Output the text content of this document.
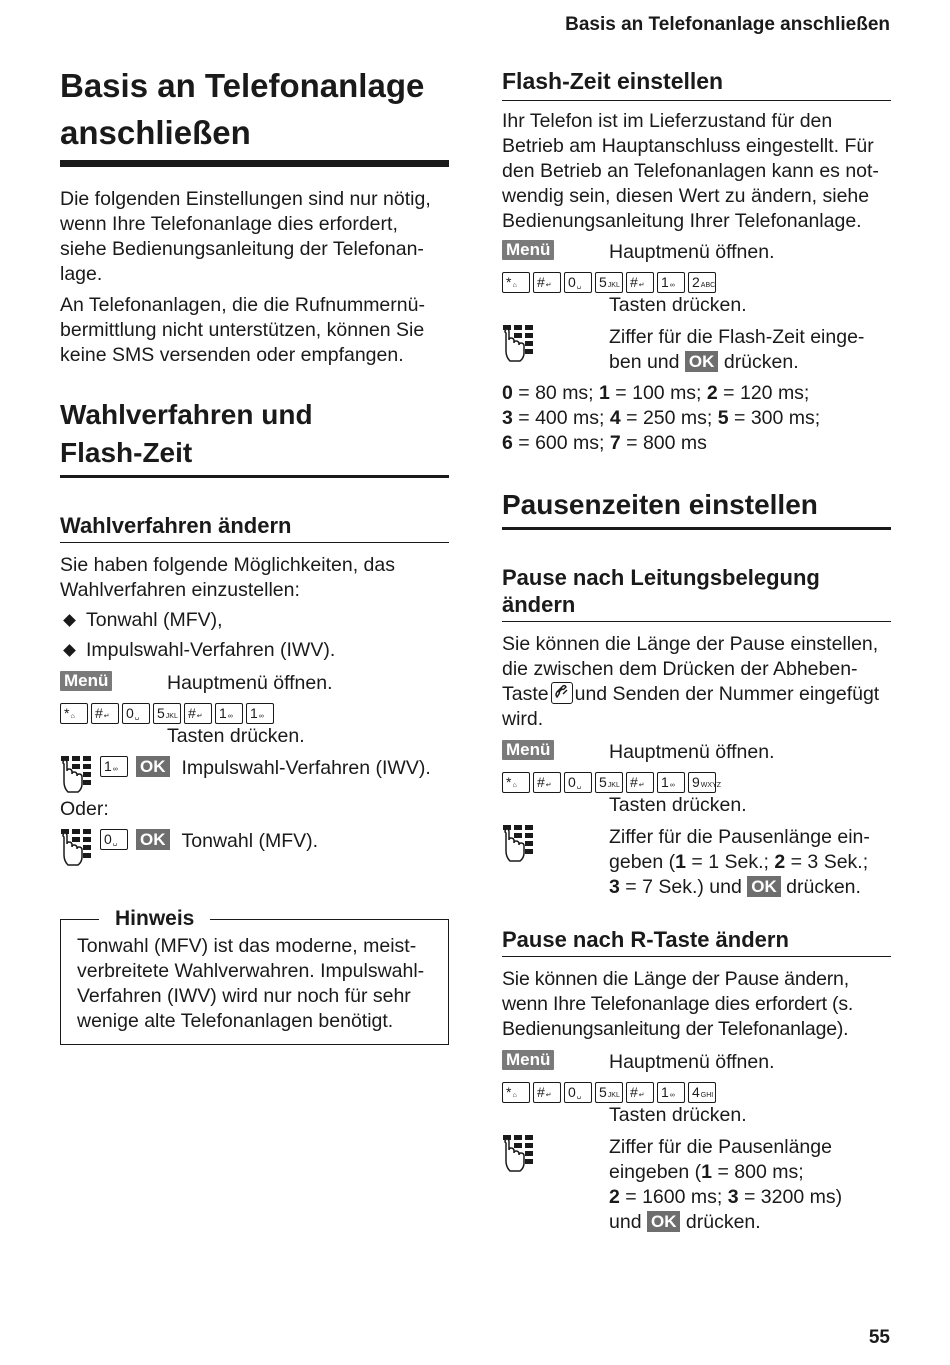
Basis an Telefonanlage anschließen
Basis an Telefonanlage
anschließen

Die folgenden Einstellungen sind nur nötig, wenn Ihre Telefonanlage dies erfordert, siehe Bedienungsanleitung der Telefonan-lage.

An Telefonanlagen, die die Rufnummernü-bermittlung nicht unterstützen, können Sie keine SMS versenden oder empfangen.

Wahlverfahren und
Flash-Zeit
Wahlverfahren ändern

Sie haben folgende Möglichkeiten, das Wahlverfahren einzustellen:

Tonwahl (MFV),
Impulswahl-Verfahren (IWV).
Menü	Hauptmenü öffnen.
* ⌂ # ↵ 0 ␣ 5 JKL # ↵ 1 ∞ 1 ∞
Tasten drücken.
1 ∞ OK Impulswahl-Verfahren (IWV).

Oder:

0 ␣ OK Tonwahl (MFV).
Hinweis

Tonwahl (MFV) ist das moderne, meist-verbreitete Wahlverwahren. Impulswahl-Verfahren (IWV) wird nur noch für sehr wenige alte Telefonanlagen benötigt.

Flash-Zeit einstellen

Ihr Telefon ist im Lieferzustand für den Betrieb am Hauptanschluss eingestellt. Für den Betrieb an Telefonanlagen kann es not-wendig sein, diesen Wert zu ändern, siehe Bedienungsanleitung Ihrer Telefonanlage.

Menü	Hauptmenü öffnen.
* ⌂ # ↵ 0 ␣ 5 JKL # ↵ 1 ∞ 2 ABC
Tasten drücken.
Ziffer für die Flash-Zeit einge-ben und OK drücken.
0 = 80 ms; 1 = 100 ms; 2 = 120 ms;
3 = 400 ms; 4 = 250 ms; 5 = 300 ms;
6 = 600 ms; 7 = 800 ms
Pausenzeiten einstellen
Pause nach Leitungsbelegung
ändern

Sie können die Länge der Pause einstellen, die zwischen dem Drücken der Abheben-Taste und Senden der Nummer eingefügt wird.

Menü	Hauptmenü öffnen.
* ⌂ # ↵ 0 ␣ 5 JKL # ↵ 1 ∞ 9 WXYZ
Tasten drücken.
Ziffer für die Pausenlänge ein-geben (1 = 1 Sek.; 2 = 3 Sek.;
3 = 7 Sek.) und OK drücken.
Pause nach R-Taste ändern

Sie können die Länge der Pause ändern, wenn Ihre Telefonanlage dies erfordert (s. Bedienungsanleitung der Telefonanlage).

Menü	Hauptmenü öffnen.
* ⌂ # ↵ 0 ␣ 5 JKL # ↵ 1 ∞ 4 GHI
Tasten drücken.
Ziffer für die Pausenlänge eingeben (1 = 800 ms;
2 = 1600 ms; 3 = 3200 ms)
und OK drücken.
55
